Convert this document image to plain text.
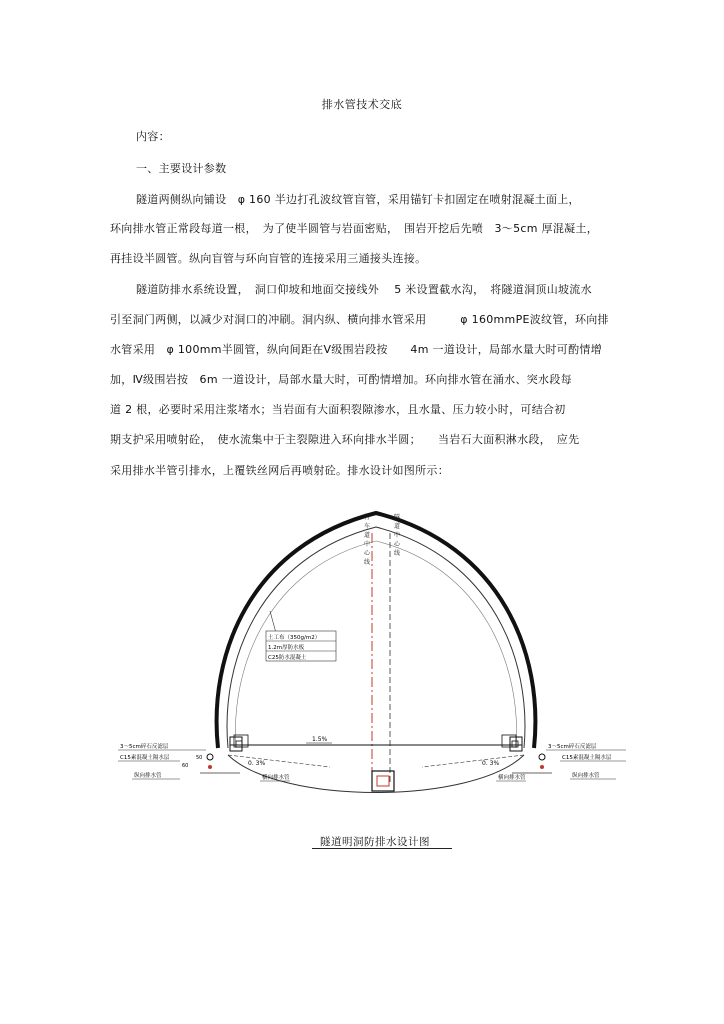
排水管技术交底
内容：
一、主要设计参数
隧道两侧纵向铺设　φ 160 半边打孔波纹管盲管，采用锚钉卡扣固定在喷射混凝土面上，
环向排水管正常段每道一根，　为了使半圆管与岩面密贴，　围岩开挖后先喷　3～5cm 厚混凝土，
再挂设半圆管。纵向盲管与环向盲管的连接采用三通接头连接。
隧道防排水系统设置，　洞口仰坡和地面交接线外　 5 米设置截水沟，　将隧道洞顶山坡流水
引至洞门两侧，以减少对洞口的冲刷。洞内纵、横向排水管采用　　　φ 160mmPE波纹管，环向排
水管采用　φ 100mm半圆管，纵向间距在Ⅴ级围岩段按　　4m 一道设计，局部水量大时可酌情增
加，Ⅳ级围岩按　6m 一道设计，局部水量大时，可酌情增加。环向排水管在涌水、突水段每
道 2 根，必要时采用注浆堵水；当岩面有大面积裂隙渗水，且水量、压力较小时，可结合初
期支护采用喷射砼，　使水流集中于主裂隙进入环向排水半圆；　　当岩石大面积淋水段，　应先
采用排水半管引排水，上覆铁丝网后再喷射砼。排水设计如图所示：
行
车
道
中
心
线
隧
道
中
心
线
土工布（350g/m2）
1.2m厚防水板
C25防水混凝土
1.5%
0. 3%	0. 3%
横向排水管	横向排水管
50
60
3～5cm碎石反滤层
C15素混凝土隔水层
纵向排水管
3～5cm碎石反滤层
C15素混凝土隔水层
纵向排水管
隧道明洞防排水设计图
